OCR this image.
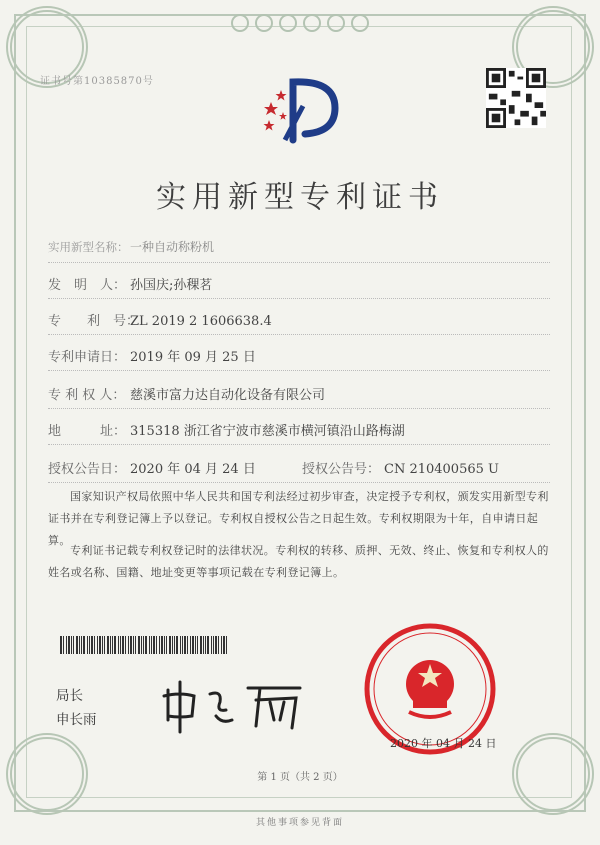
证书号第10385870号
实用新型专利证书
实用新型名称： 一种自动称粉机
发　明　人： 孙国庆;孙稞茗
专　　利　号：ZL 2019 2 1606638.4
专利申请日： 2019 年 09 月 25 日
专 利 权 人： 慈溪市富力达自动化设备有限公司
地　　　址： 315318 浙江省宁波市慈溪市横河镇沿山路梅湖
授权公告日： 2020 年 04 月 24 日	授权公告号： CN 210400565 U
国家知识产权局依照中华人民共和国专利法经过初步审查，决定授予专利权，颁发实用新型专利证书并在专利登记簿上予以登记。专利权自授权公告之日起生效。专利权期限为十年，自申请日起算。
专利证书记载专利权登记时的法律状况。专利权的转移、质押、无效、终止、恢复和专利权人的姓名或名称、国籍、地址变更等事项记载在专利登记簿上。
局长
申长雨
2020 年 04 月 24 日
第 1 页（共 2 页）
其他事项参见背面
